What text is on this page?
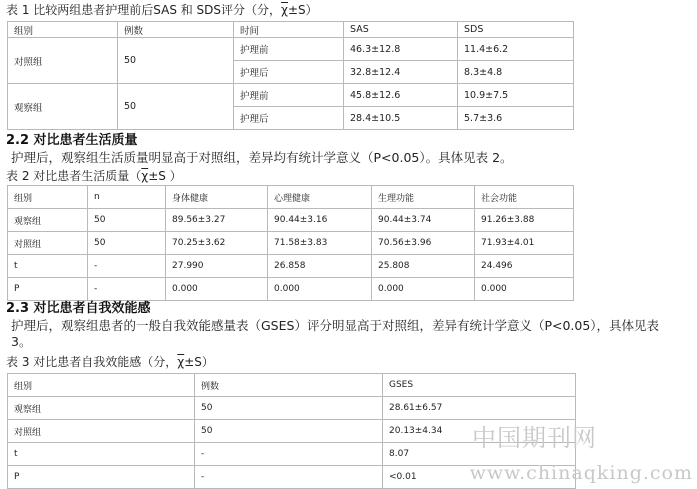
表 1 比较两组患者护理前后SAS 和 SDS评分（分，$\overline{\chi}\pm S$）
组别	例数	时间	SAS	SDS
对照组	50	护理前	46.3±12.8	11.4±6.2
		护理后	32.8±12.4	8.3±4.8
观察组	50	护理前	45.8±12.6	10.9±7.5
		护理后	28.4±10.5	5.7±3.6
2.2 对比患者生活质量
护理后，观察组生活质量明显高于对照组，差异均有统计学意义（P<0.05）。具体见表 2。
表 2 对比患者生活质量（$\overline{\chi}\pm S$ ）
组别	n	身体健康	心理健康	生理功能	社会功能
观察组	50	89.56±3.27	90.44±3.16	90.44±3.74	91.26±3.88
对照组	50	70.25±3.62	71.58±3.83	70.56±3.96	71.93±4.01
t	-	27.990	26.858	25.808	24.496
P	-	0.000	0.000	0.000	0.000
2.3 对比患者自我效能感
护理后，观察组患者的一般自我效能感量表（GSES）评分明显高于对照组，差异有统计学意义（P<0.05），具体见表 3。
表 3 对比患者自我效能感（分，$\overline{\chi}\pm S$）
组别	例数	GSES
观察组	50	28.61±6.57
对照组	50	20.13±4.34
t	-	8.07
P	-	<0.01
中国期刊网
www.chinaqking.com
